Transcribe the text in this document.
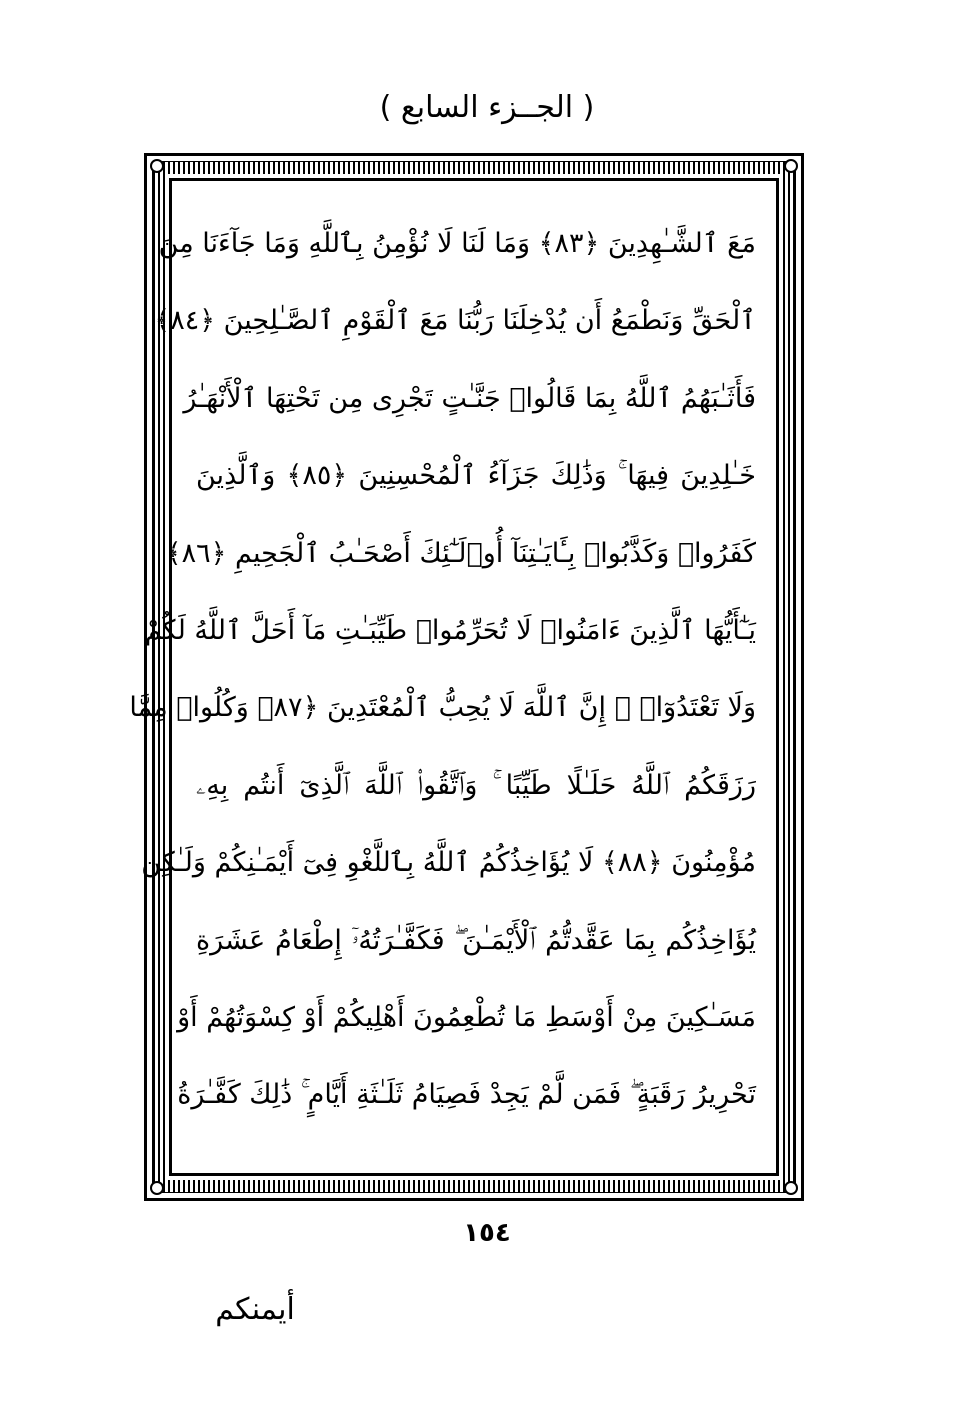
( الجــزء السابع )
مَعَ ٱلشَّـٰهِدِينَ ﴿٨٣﴾ وَمَا لَنَا لَا نُؤْمِنُ بِٱللَّهِ وَمَا جَآءَنَا مِنَ
ٱلْحَقِّ وَنَطْمَعُ أَن يُدْخِلَنَا رَبُّنَا مَعَ ٱلْقَوْمِ ٱلصَّـٰلِحِينَ ﴿٨٤﴾
فَأَثَـٰبَهُمُ ٱللَّهُ بِمَا قَالُوا۟ جَنَّـٰتٍ تَجْرِى مِن تَحْتِهَا ٱلْأَنْهَـٰرُ
خَـٰلِدِينَ فِيهَا ۚ وَذَٰلِكَ جَزَآءُ ٱلْمُحْسِنِينَ ﴿٨٥﴾ وَٱلَّذِينَ
كَفَرُوا۟ وَكَذَّبُوا۟ بِـَٔايَـٰتِنَآ أُو۟لَـٰٓئِكَ أَصْحَـٰبُ ٱلْجَحِيمِ ﴿٨٦﴾
يَـٰٓأَيُّهَا ٱلَّذِينَ ءَامَنُوا۟ لَا تُحَرِّمُوا۟ طَيِّبَـٰتِ مَآ أَحَلَّ ٱللَّهُ لَكُمْ
وَلَا تَعْتَدُوٓا۟ ۚ إِنَّ ٱللَّهَ لَا يُحِبُّ ٱلْمُعْتَدِينَ ﴿٨٧﴾ وَكُلُوا۟ مِمَّا
رَزَقَكُمُ ٱللَّهُ حَلَـٰلًا طَيِّبًا ۚ وَٱتَّقُوا۟ ٱللَّهَ ٱلَّذِىٓ أَنتُم بِهِۦ
مُؤْمِنُونَ ﴿٨٨﴾ لَا يُؤَاخِذُكُمُ ٱللَّهُ بِٱللَّغْوِ فِىٓ أَيْمَـٰنِكُمْ وَلَـٰكِن
يُؤَاخِذُكُم بِمَا عَقَّدتُّمُ ٱلْأَيْمَـٰنَ ۖ فَكَفَّـٰرَتُهُۥٓ إِطْعَامُ عَشَرَةِ
مَسَـٰكِينَ مِنْ أَوْسَطِ مَا تُطْعِمُونَ أَهْلِيكُمْ أَوْ كِسْوَتُهُمْ أَوْ
تَحْرِيرُ رَقَبَةٍ ۖ فَمَن لَّمْ يَجِدْ فَصِيَامُ ثَلَـٰثَةِ أَيَّامٍ ۚ ذَٰلِكَ كَفَّـٰرَةُ
١٥٤
أيمنكم
